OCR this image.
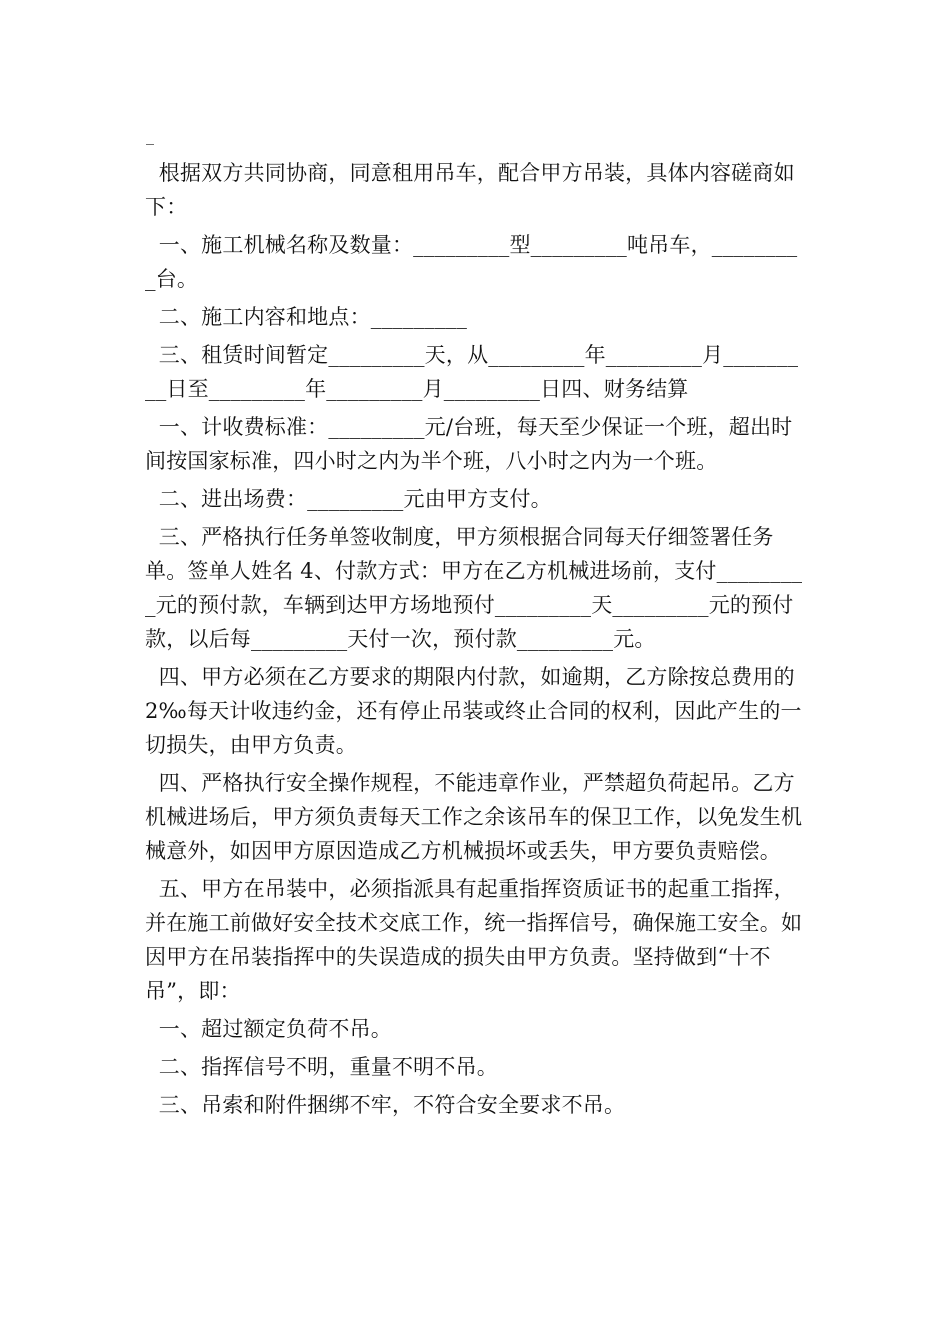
_

根据双方共同协商，同意租用吊车，配合甲方吊装，具体内容磋商如下：

一、施工机械名称及数量：_________型_________吨吊车，_________台。

二、施工内容和地点：_________

三、租赁时间暂定_________天，从_________年_________月_________日至_________年_________月_________日四、财务结算

一、计收费标准：_________元/台班，每天至少保证一个班，超出时间按国家标准，四小时之内为半个班，八小时之内为一个班。

二、进出场费：_________元由甲方支付。

三、严格执行任务单签收制度，甲方须根据合同每天仔细签署任务单。签单人姓名 4、付款方式：甲方在乙方机械进场前，支付_________元的预付款，车辆到达甲方场地预付_________天_________元的预付款，以后每_________天付一次，预付款_________元。

四、甲方必须在乙方要求的期限内付款，如逾期，乙方除按总费用的 2‰每天计收违约金，还有停止吊装或终止合同的权利，因此产生的一切损失，由甲方负责。

四、严格执行安全操作规程，不能违章作业，严禁超负荷起吊。乙方机械进场后，甲方须负责每天工作之余该吊车的保卫工作，以免发生机械意外，如因甲方原因造成乙方机械损坏或丢失，甲方要负责赔偿。

五、甲方在吊装中，必须指派具有起重指挥资质证书的起重工指挥，并在施工前做好安全技术交底工作，统一指挥信号，确保施工安全。如因甲方在吊装指挥中的失误造成的损失由甲方负责。坚持做到“十不吊”，即：

一、超过额定负荷不吊。

二、指挥信号不明，重量不明不吊。

三、吊索和附件捆绑不牢，不符合安全要求不吊。
